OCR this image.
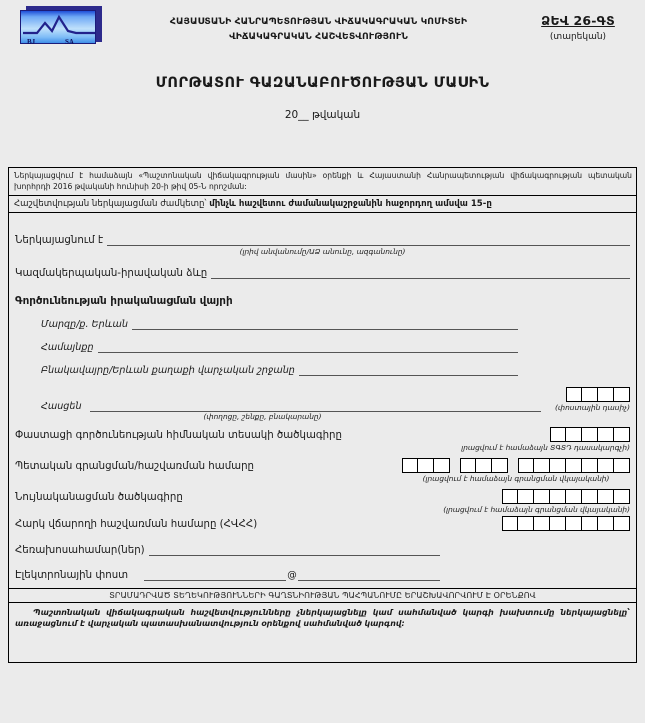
BJ	SA
ՀԱՅԱՍՏԱՆԻ ՀԱՆՐԱՊԵՏՈՒԹՅԱՆ ՎԻՃԱԿԱԳՐԱԿԱՆ ԿՈՄԻՏԵԻ
ՎԻՃԱԿԱԳՐԱԿԱՆ ՀԱՇՎԵՏՎՈՒԹՅՈՒՆ
ՁԵՎ 26-ԳՏ
(տարեկան)
ՄՈՐԹԱՏՈՒ ԳԱԶԱՆԱԲՈՒԾՈՒԹՅԱՆ ՄԱՍԻՆ
20__ թվական
Ներկայացվում է համաձայն «Պաշտոնական վիճակագրության մասին» օրենքի և Հայաստանի Հանրապետության վիճակագրության պետական խորհրդի 2016 թվականի հունիսի 20-ի թիվ 05-Ն որոշման:
Հաշվետվության ներկայացման ժամկետը՝ մինչև հաշվետու ժամանակաշրջանին հաջորդող ամսվա 15-ը
Ներկայացնում է
(լրիվ անվանումը/ԱՁ անունը, ազգանունը)
Կազմակերպական-իրավական ձևը
Գործունեության իրականացման վայրի
Մարզը/ք. Երևան
Համայնքը
Բնակավայրը/Երևան քաղաքի վարչական շրջանը
Հասցեն	(փոստային դասիչ)
(փողոցը, շենքը, բնակարանը)
Փաստացի գործունեության հիմնական տեսակի ծածկագիրը
լրացվում է համաձայն ՏԳՏԴ դասակարգչի)
Պետական գրանցման/հաշվառման համարը
(լրացվում է համաձայն գրանցման վկայականի)
Նույնականացման ծածկագիրը
(լրացվում է համաձայն գրանցման վկայականի)
Հարկ վճարողի հաշվառման համարը (ՀՎՀՀ)
Հեռախոսահամար(ներ)
Էլեկտրոնային փոստ	@
ՏՐԱՄԱԴՐՎԱԾ ՏԵՂԵԿՈՒԹՅՈՒՆՆԵՐԻ ԳԱՂՏՆԻՈՒԹՅԱՆ ՊԱՀՊԱՆՈՒՄԸ ԵՐԱՇԽԱՎՈՐՎՈՒՄ Է ՕՐԵՆՔՈՎ
Պաշտոնական վիճակագրական հաշվետվությունները չներկայացնելը կամ սահմանված կարգի խախտումը ներկայացնելը՝ առաջացնում է վարչական պատասխանատվություն օրենքով սահմանված կարգով:
